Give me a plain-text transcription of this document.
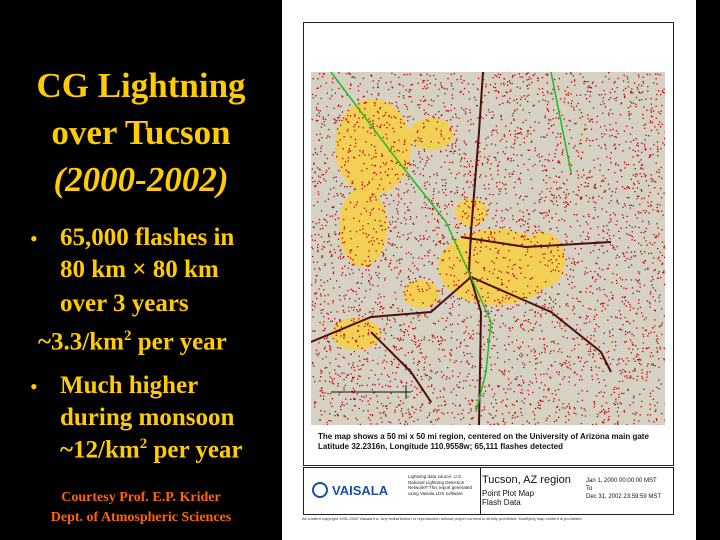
CG Lightning
over Tucson
(2000-2002)
• 65,000 flashes in
80 km × 80 km
over 3 years
$\sim 3.3/km^2$ per year
• Much higher
during monsoon
$\sim 12/km^2$ per year
Courtesy Prof. E.P. Krider
Dept. of Atmospheric Sciences
The map shows a 50 mi x 50 mi region, centered on the University of Arizona main gate
Latitude 32.2316n, Longitude 110.9558w; 65,111 flashes detected
VAISALA
Lightning data source: U.S. National Lightning Detection Network® This report generated using Vaisala LDS software
Tucson, AZ region
Point Plot Map
Flash Data
Jan 1, 2000 00:00:00 MST
To
Dec 31, 2002 23:59:59 MST
All content copyright 1991-2002 Vaisala Inc. Any redistribution or reproduction without proper consent is strictly prohibited. Modifying map content is prohibited.
